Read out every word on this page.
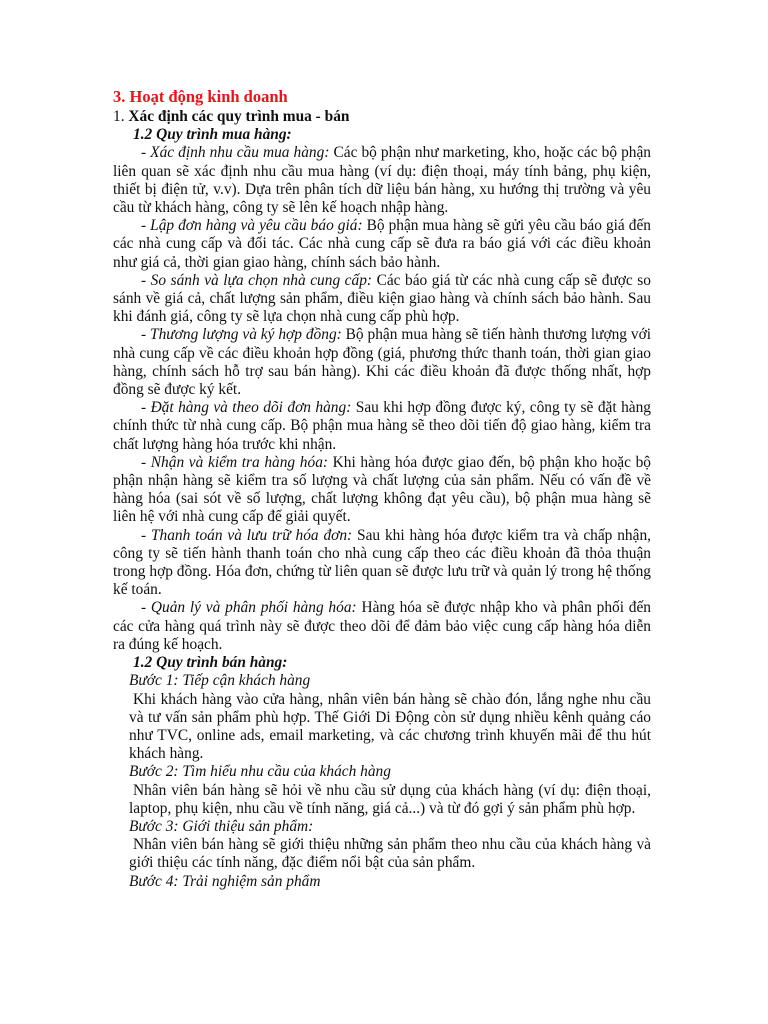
3. Hoạt động kinh doanh

1. Xác định các quy trình mua - bán

1.2 Quy trình mua hàng:

- Xác định nhu cầu mua hàng: Các bộ phận như marketing, kho, hoặc các bộ phận liên quan sẽ xác định nhu cầu mua hàng (ví dụ: điện thoại, máy tính bảng, phụ kiện, thiết bị điện tử, v.v). Dựa trên phân tích dữ liệu bán hàng, xu hướng thị trường và yêu cầu từ khách hàng, công ty sẽ lên kế hoạch nhập hàng.

- Lập đơn hàng và yêu cầu báo giá: Bộ phận mua hàng sẽ gửi yêu cầu báo giá đến các nhà cung cấp và đối tác. Các nhà cung cấp sẽ đưa ra báo giá với các điều khoản như giá cả, thời gian giao hàng, chính sách bảo hành.

- So sánh và lựa chọn nhà cung cấp: Các báo giá từ các nhà cung cấp sẽ được so sánh về giá cả, chất lượng sản phẩm, điều kiện giao hàng và chính sách bảo hành. Sau khi đánh giá, công ty sẽ lựa chọn nhà cung cấp phù hợp.

- Thương lượng và ký hợp đồng: Bộ phận mua hàng sẽ tiến hành thương lượng với nhà cung cấp về các điều khoản hợp đồng (giá, phương thức thanh toán, thời gian giao hàng, chính sách hỗ trợ sau bán hàng). Khi các điều khoản đã được thống nhất, hợp đồng sẽ được ký kết.

- Đặt hàng và theo dõi đơn hàng: Sau khi hợp đồng được ký, công ty sẽ đặt hàng chính thức từ nhà cung cấp. Bộ phận mua hàng sẽ theo dõi tiến độ giao hàng, kiểm tra chất lượng hàng hóa trước khi nhận.

- Nhận và kiểm tra hàng hóa: Khi hàng hóa được giao đến, bộ phận kho hoặc bộ phận nhận hàng sẽ kiểm tra số lượng và chất lượng của sản phẩm. Nếu có vấn đề về hàng hóa (sai sót về số lượng, chất lượng không đạt yêu cầu), bộ phận mua hàng sẽ liên hệ với nhà cung cấp để giải quyết.

- Thanh toán và lưu trữ hóa đơn: Sau khi hàng hóa được kiểm tra và chấp nhận, công ty sẽ tiến hành thanh toán cho nhà cung cấp theo các điều khoản đã thỏa thuận trong hợp đồng. Hóa đơn, chứng từ liên quan sẽ được lưu trữ và quản lý trong hệ thống kế toán.

- Quản lý và phân phối hàng hóa: Hàng hóa sẽ được nhập kho và phân phối đến các cửa hàng quá trình này sẽ được theo dõi để đảm bảo việc cung cấp hàng hóa diễn ra đúng kế hoạch.

1.2 Quy trình bán hàng:

Bước 1: Tiếp cận khách hàng

Khi khách hàng vào cửa hàng, nhân viên bán hàng sẽ chào đón, lắng nghe nhu cầu và tư vấn sản phẩm phù hợp. Thế Giới Di Động còn sử dụng nhiều kênh quảng cáo như TVC, online ads, email marketing, và các chương trình khuyến mãi để thu hút khách hàng.

Bước 2: Tìm hiểu nhu cầu của khách hàng

Nhân viên bán hàng sẽ hỏi về nhu cầu sử dụng của khách hàng (ví dụ: điện thoại, laptop, phụ kiện, nhu cầu về tính năng, giá cả...) và từ đó gợi ý sản phẩm phù hợp.

Bước 3: Giới thiệu sản phẩm:

Nhân viên bán hàng sẽ giới thiệu những sản phẩm theo nhu cầu của khách hàng và giới thiệu các tính năng, đặc điểm nổi bật của sản phẩm.

Bước 4: Trải nghiệm sản phẩm
